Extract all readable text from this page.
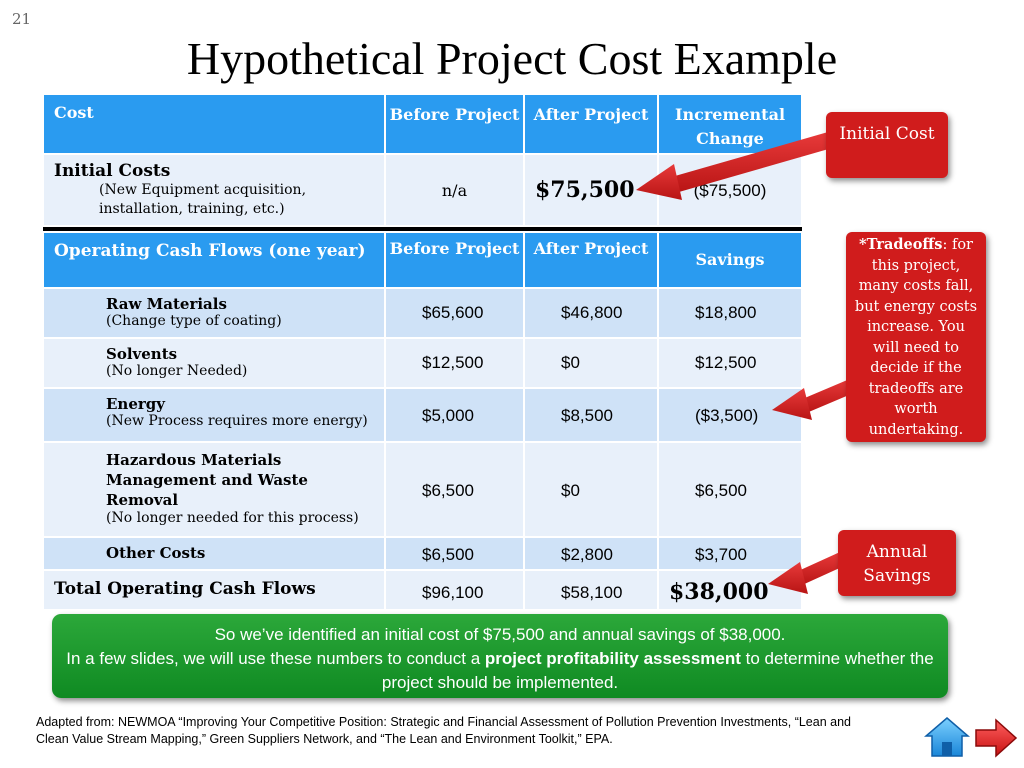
21
Hypothetical Project Cost Example
Cost	Before Project	After Project	Incremental Change

Initial Costs
(New Equipment acquisition, installation, training, etc.)	n/a	$75,500	($75,500)

Operating Cash Flows (one year)	Before Project	After Project	Savings

Raw Materials
(Change type of coating)	$65,600	$46,800	$18,800

Solvents
(No longer Needed)	$12,500	$0	$12,500

Energy
(New Process requires more energy)	$5,000	$8,500	($3,500)

Hazardous Materials Management and Waste Removal
(No longer needed for this process)	$6,500	$0	$6,500

Other Costs	$6,500	$2,800	$3,700

Total Operating Cash Flows	$96,100	$58,100	$38,000
Initial Cost
*Tradeoffs: for this project, many costs fall, but energy costs increase. You will need to decide if the tradeoffs are worth undertaking.
Annual Savings
So we’ve identified an initial cost of $75,500 and annual savings of $38,000.
In a few slides, we will use these numbers to conduct a project profitability assessment to determine whether the project should be implemented.
Adapted from: NEWMOA “Improving Your Competitive Position: Strategic and Financial Assessment of Pollution Prevention Investments, “Lean and Clean Value Stream Mapping,” Green Suppliers Network, and “The Lean and Environment Toolkit,” EPA.
